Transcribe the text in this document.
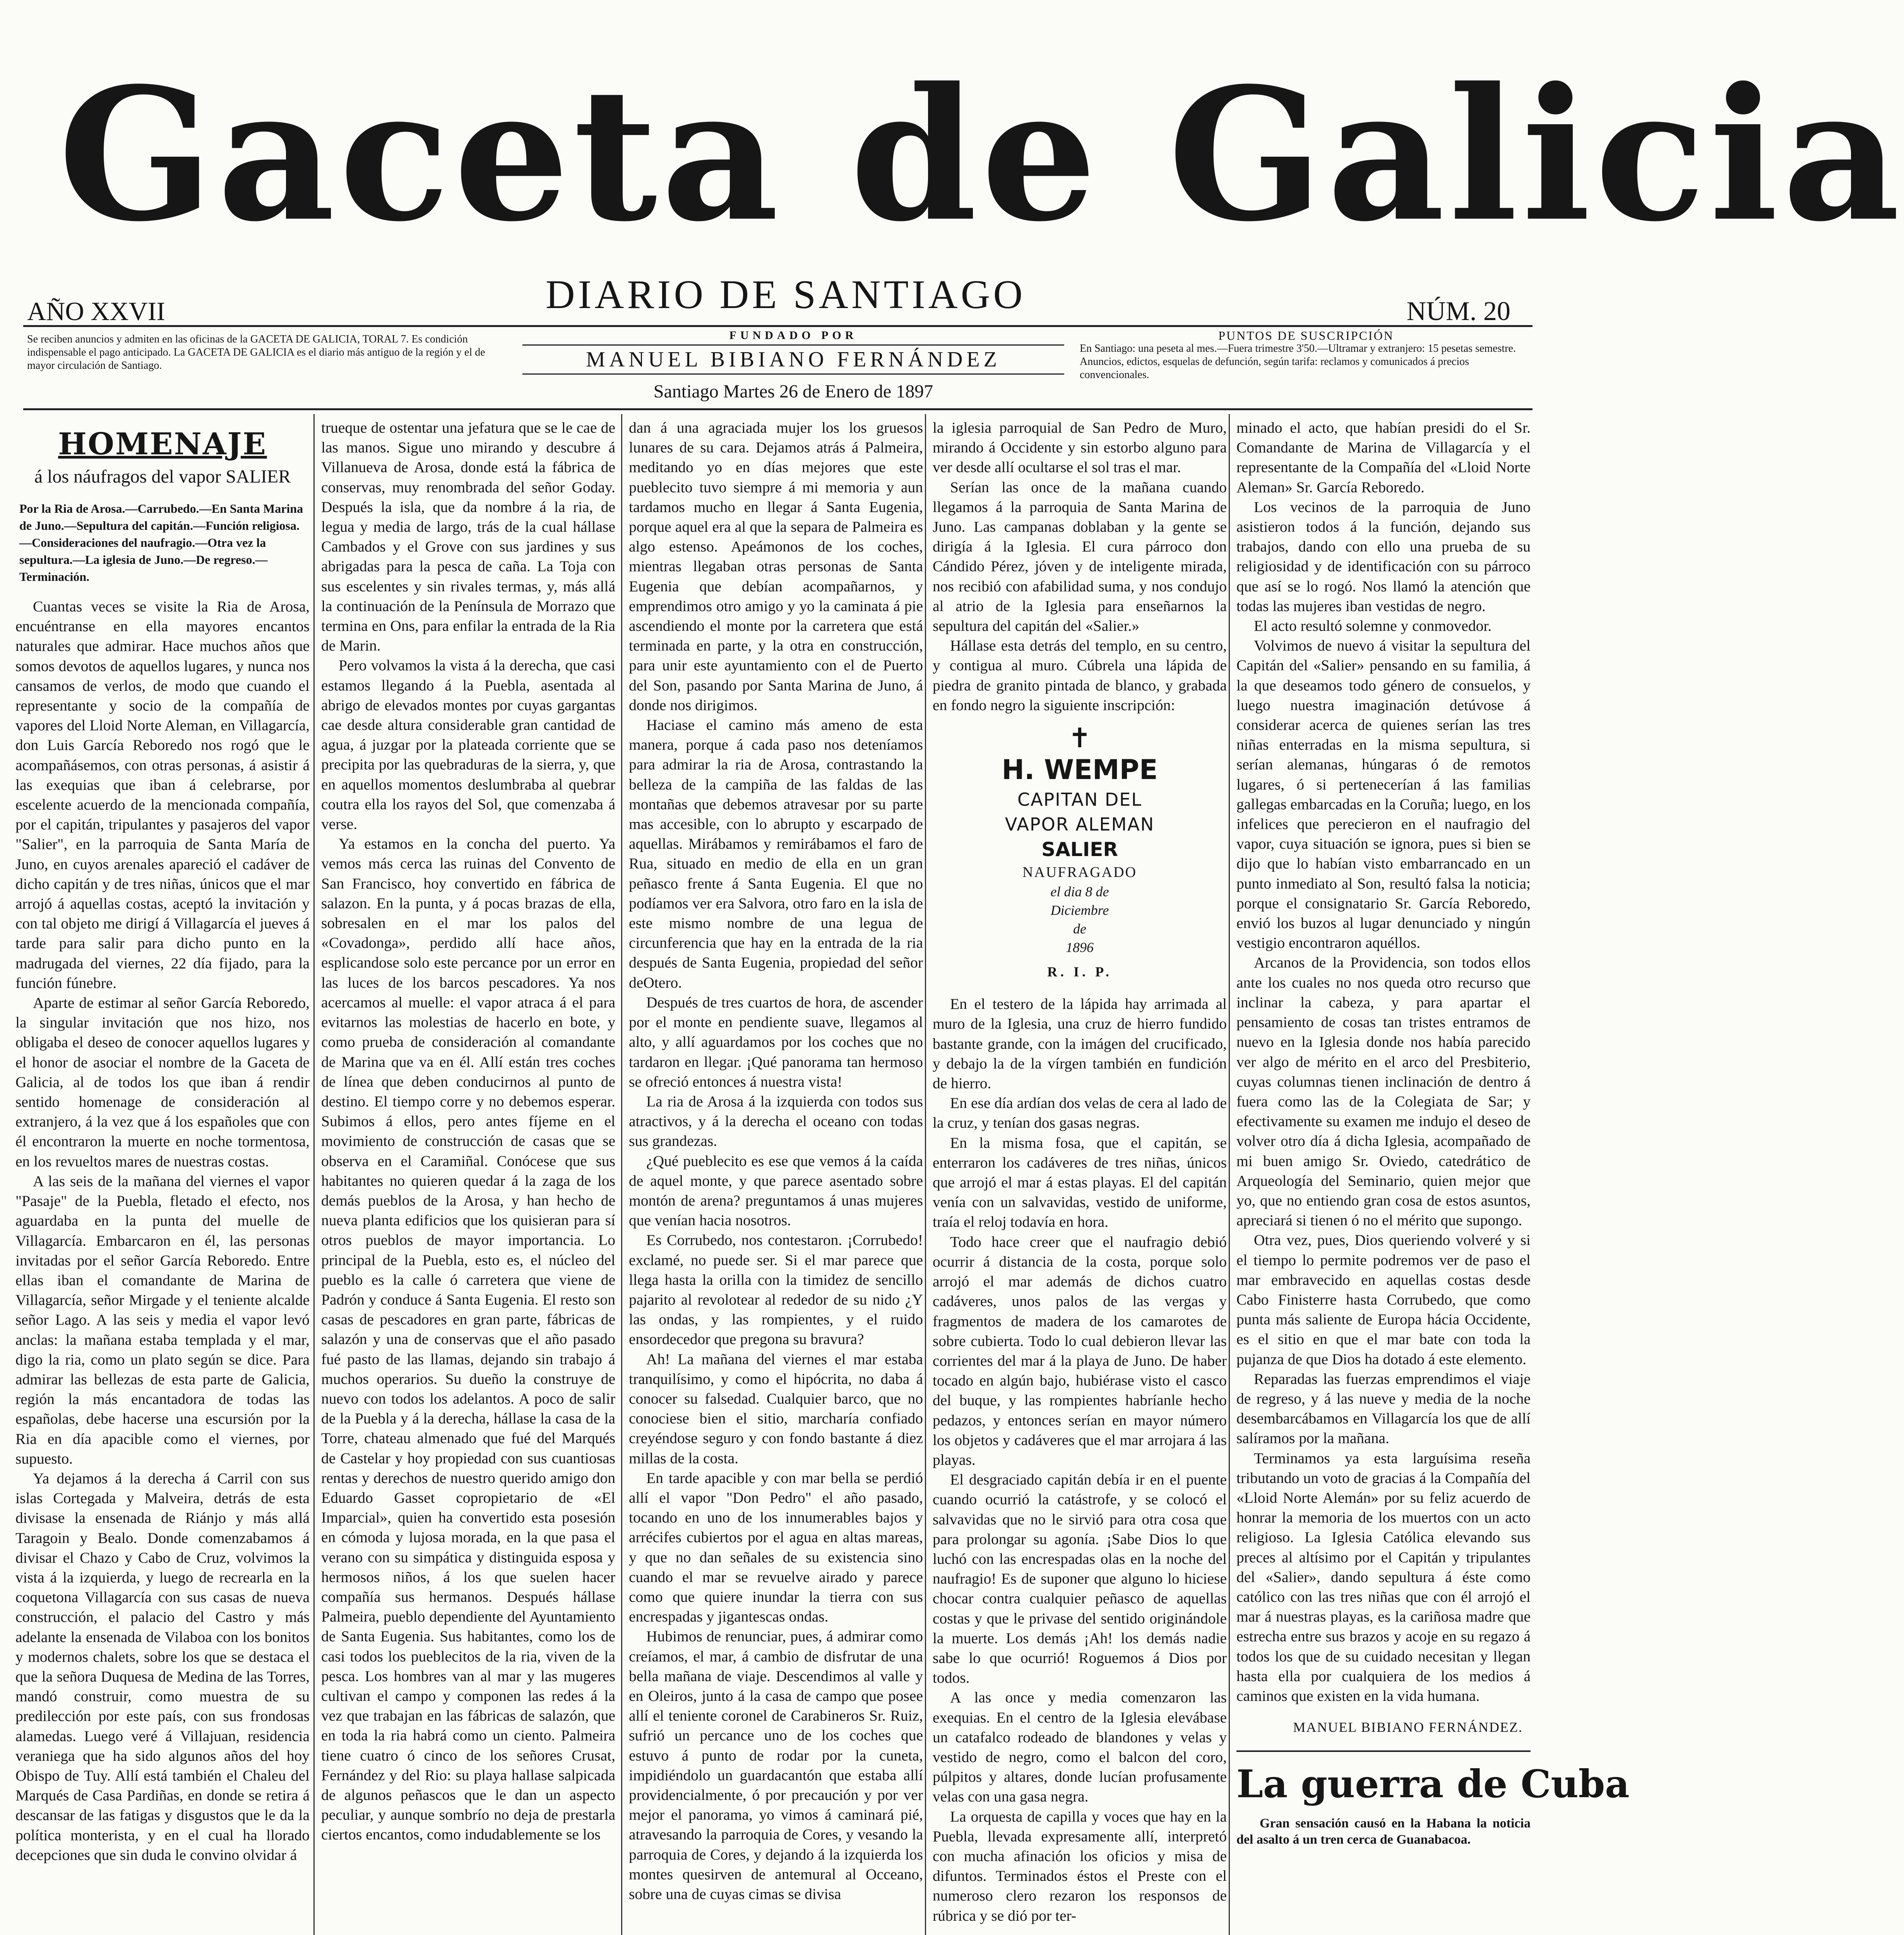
Gaceta de Galicia
AÑO XXVII	DIARIO DE SANTIAGO	NÚM. 20
Se reciben anuncios y admiten en las oficinas de la GACETA DE GALICIA, TORAL 7. Es condición indispensable el pago anticipado. La GACETA DE GALICIA es el diario más antiguo de la región y el de mayor circulación de Santiago.
FUNDADO POR
MANUEL BIBIANO FERNÁNDEZ
Santiago Martes 26 de Enero de 1897
PUNTOS DE SUSCRIPCIÓN
En Santiago: una peseta al mes.—Fuera trimestre 3'50.—Ultramar y extranjero: 15 pesetas semestre. Anuncios, edictos, esquelas de defunción, según tarifa: reclamos y comunicados á precios convencionales.
HOMENAJE
á los náufragos del vapor SALIER

Por la Ria de Arosa.—Carrubedo.—En Santa Marina de Juno.—Sepultura del capitán.—Función religiosa.—Consideraciones del naufragio.—Otra vez la sepultura.—La iglesia de Juno.—De regreso.—Terminación.

Cuantas veces se visite la Ria de Arosa, encuéntranse en ella mayores encantos naturales que admirar. Hace muchos años que somos devotos de aquellos lugares, y nunca nos cansamos de verlos, de modo que cuando el representante y socio de la compañía de vapores del Lloid Norte Aleman, en Villagarcía, don Luis García Reboredo nos rogó que le acompañásemos, con otras personas, á asistir á las exequias que iban á celebrarse, por escelente acuerdo de la mencionada compañía, por el capitán, tripulantes y pasajeros del vapor "Salier", en la parroquia de Santa María de Juno, en cuyos arenales apareció el cadáver de dicho capitán y de tres niñas, únicos que el mar arrojó á aquellas costas, aceptó la invitación y con tal objeto me dirigí á Villagarcía el jueves á tarde para salir para dicho punto en la madrugada del viernes, 22 día fijado, para la función fúnebre.

Aparte de estimar al señor García Reboredo, la singular invitación que nos hizo, nos obligaba el deseo de conocer aquellos lugares y el honor de asociar el nombre de la Gaceta de Galicia, al de todos los que iban á rendir sentido homenage de consideración al extranjero, á la vez que á los españoles que con él encontraron la muerte en noche tormentosa, en los revueltos mares de nuestras costas.

A las seis de la mañana del viernes el vapor "Pasaje" de la Puebla, fletado el efecto, nos aguardaba en la punta del muelle de Villagarcía. Embarcaron en él, las personas invitadas por el señor García Reboredo. Entre ellas iban el comandante de Marina de Villagarcía, señor Mirgade y el teniente alcalde señor Lago. A las seis y media el vapor levó anclas: la mañana estaba templada y el mar, digo la ria, como un plato según se dice. Para admirar las bellezas de esta parte de Galicia, región la más encantadora de todas las españolas, debe hacerse una escursión por la Ria en día apacible como el viernes, por supuesto.

Ya dejamos á la derecha á Carril con sus islas Cortegada y Malveira, detrás de esta divisase la ensenada de Riánjo y más allá Taragoin y Bealo. Donde comenzabamos á divisar el Chazo y Cabo de Cruz, volvimos la vista á la izquierda, y luego de recrearla en la coquetona Villagarcía con sus casas de nueva construcción, el palacio del Castro y más adelante la ensenada de Vilaboa con los bonitos y modernos chalets, sobre los que se destaca el que la señora Duquesa de Medina de las Torres, mandó construir, como muestra de su predilección por este país, con sus frondosas alamedas. Luego veré á Villajuan, residencia veraniega que ha sido algunos años del hoy Obispo de Tuy. Allí está también el Chaleu del Marqués de Casa Pardiñas, en donde se retira á descansar de las fatigas y disgustos que le da la política monterista, y en el cual ha llorado decepciones que sin duda le convino olvidar á

trueque de ostentar una jefatura que se le cae de las manos. Sigue uno mirando y descubre á Villanueva de Arosa, donde está la fábrica de conservas, muy renombrada del señor Goday. Después la isla, que da nombre á la ria, de legua y media de largo, trás de la cual hállase Cambados y el Grove con sus jardines y sus abrigadas para la pesca de caña. La Toja con sus escelentes y sin rivales termas, y, más allá la continuación de la Península de Morrazo que termina en Ons, para enfilar la entrada de la Ria de Marin.

Pero volvamos la vista á la derecha, que casi estamos llegando á la Puebla, asentada al abrigo de elevados montes por cuyas gargantas cae desde altura considerable gran cantidad de agua, á juzgar por la plateada corriente que se precipita por las quebraduras de la sierra, y, que en aquellos momentos deslumbraba al quebrar coutra ella los rayos del Sol, que comenzaba á verse.

Ya estamos en la concha del puerto. Ya vemos más cerca las ruinas del Convento de San Francisco, hoy convertido en fábrica de salazon. En la punta, y á pocas brazas de ella, sobresalen en el mar los palos del «Covadonga», perdido allí hace años, esplicandose solo este percance por un error en las luces de los barcos pescadores. Ya nos acercamos al muelle: el vapor atraca á el para evitarnos las molestias de hacerlo en bote, y como prueba de consideración al comandante de Marina que va en él. Allí están tres coches de línea que deben conducirnos al punto de destino. El tiempo corre y no debemos esperar. Subimos á ellos, pero antes fíjeme en el movimiento de construcción de casas que se observa en el Caramiñal. Conócese que sus habitantes no quieren quedar á la zaga de los demás pueblos de la Arosa, y han hecho de nueva planta edificios que los quisieran para sí otros pueblos de mayor importancia. Lo principal de la Puebla, esto es, el núcleo del pueblo es la calle ó carretera que viene de Padrón y conduce á Santa Eugenia. El resto son casas de pescadores en gran parte, fábricas de salazón y una de conservas que el año pasado fué pasto de las llamas, dejando sin trabajo á muchos operarios. Su dueño la construye de nuevo con todos los adelantos. A poco de salir de la Puebla y á la derecha, hállase la casa de la Torre, chateau almenado que fué del Marqués de Castelar y hoy propiedad con sus cuantiosas rentas y derechos de nuestro querido amigo don Eduardo Gasset copropietario de «El Imparcial», quien ha convertido esta posesión en cómoda y lujosa morada, en la que pasa el verano con su simpática y distinguida esposa y hermosos niños, á los que suelen hacer compañía sus hermanos. Después hállase Palmeira, pueblo dependiente del Ayuntamiento de Santa Eugenia. Sus habitantes, como los de casi todos los pueblecitos de la ria, viven de la pesca. Los hombres van al mar y las mugeres cultivan el campo y componen las redes á la vez que trabajan en las fábricas de salazón, que en toda la ria habrá como un ciento. Palmeira tiene cuatro ó cinco de los señores Crusat, Fernández y del Rio: su playa hallase salpicada de algunos peñascos que le dan un aspecto peculiar, y aunque sombrío no deja de prestarla ciertos encantos, como indudablemente se los

dan á una agraciada mujer los los gruesos lunares de su cara. Dejamos atrás á Palmeira, meditando yo en días mejores que este pueblecito tuvo siempre á mi memoria y aun tardamos mucho en llegar á Santa Eugenia, porque aquel era al que la separa de Palmeira es algo estenso. Apeámonos de los coches, mientras llegaban otras personas de Santa Eugenia que debían acompañarnos, y emprendimos otro amigo y yo la caminata á pie ascendiendo el monte por la carretera que está terminada en parte, y la otra en construcción, para unir este ayuntamiento con el de Puerto del Son, pasando por Santa Marina de Juno, á donde nos dirigimos.

Haciase el camino más ameno de esta manera, porque á cada paso nos deteníamos para admirar la ria de Arosa, contrastando la belleza de la campiña de las faldas de las montañas que debemos atravesar por su parte mas accesible, con lo abrupto y escarpado de aquellas. Mirábamos y remirábamos el faro de Rua, situado en medio de ella en un gran peñasco frente á Santa Eugenia. El que no podíamos ver era Salvora, otro faro en la isla de este mismo nombre de una legua de circunferencia que hay en la entrada de la ria después de Santa Eugenia, propiedad del señor deOtero.

Después de tres cuartos de hora, de ascender por el monte en pendiente suave, llegamos al alto, y allí aguardamos por los coches que no tardaron en llegar. ¡Qué panorama tan hermoso se ofreció entonces á nuestra vista!

La ria de Arosa á la izquierda con todos sus atractivos, y á la derecha el oceano con todas sus grandezas.

¿Qué pueblecito es ese que vemos á la caída de aquel monte, y que parece asentado sobre montón de arena? preguntamos á unas mujeres que venían hacia nosotros.

Es Corrubedo, nos contestaron. ¡Corrubedo! exclamé, no puede ser. Si el mar parece que llega hasta la orilla con la timidez de sencillo pajarito al revolotear al rededor de su nido ¿Y las ondas, y las rompientes, y el ruido ensordecedor que pregona su bravura?

Ah! La mañana del viernes el mar estaba tranquilísimo, y como el hipócrita, no daba á conocer su falsedad. Cualquier barco, que no conociese bien el sitio, marcharía confiado creyéndose seguro y con fondo bastante á diez millas de la costa.

En tarde apacible y con mar bella se perdió allí el vapor "Don Pedro" el año pasado, tocando en uno de los innumerables bajos y arrécifes cubiertos por el agua en altas mareas, y que no dan señales de su existencia sino cuando el mar se revuelve airado y parece como que quiere inundar la tierra con sus encrespadas y jigantescas ondas.

Hubimos de renunciar, pues, á admirar como creíamos, el mar, á cambio de disfrutar de una bella mañana de viaje. Descendimos al valle y en Oleiros, junto á la casa de campo que posee allí el teniente coronel de Carabineros Sr. Ruiz, sufrió un percance uno de los coches que estuvo á punto de rodar por la cuneta, impidiéndolo un guardacantón que estaba allí providencialmente, ó por precaución y por ver mejor el panorama, yo vimos á caminará pié, atravesando la parroquia de Cores, y vesando la parroquia de Cores, y dejando á la izquierda los montes quesirven de antemural al Occeano, sobre una de cuyas cimas se divisa

la iglesia parroquial de San Pedro de Muro, mirando á Occidente y sin estorbo alguno para ver desde allí ocultarse el sol tras el mar.

Serían las once de la mañana cuando llegamos á la parroquia de Santa Marina de Juno. Las campanas doblaban y la gente se dirigía á la Iglesia. El cura párroco don Cándido Pérez, jóven y de inteligente mirada, nos recibió con afabilidad suma, y nos condujo al atrio de la Iglesia para enseñarnos la sepultura del capitán del «Salier.»

Hállase esta detrás del templo, en su centro, y contigua al muro. Cúbrela una lápida de piedra de granito pintada de blanco, y grabada en fondo negro la siguiente inscripción:

✝
H. WEMPE
CAPITAN DEL
VAPOR ALEMAN
SALIER
NAUFRAGADO
el dia 8 de
Diciembre
de
1896
R. I. P.

En el testero de la lápida hay arrimada al muro de la Iglesia, una cruz de hierro fundido bastante grande, con la imágen del crucificado, y debajo la de la vírgen también en fundición de hierro.

En ese día ardían dos velas de cera al lado de la cruz, y tenían dos gasas negras.

En la misma fosa, que el capitán, se enterraron los cadáveres de tres niñas, únicos que arrojó el mar á estas playas. El del capitán venía con un salvavidas, vestido de uniforme, traía el reloj todavía en hora.

Todo hace creer que el naufragio debió ocurrir á distancia de la costa, porque solo arrojó el mar además de dichos cuatro cadáveres, unos palos de las vergas y fragmentos de madera de los camarotes de sobre cubierta. Todo lo cual debieron llevar las corrientes del mar á la playa de Juno. De haber tocado en algún bajo, hubiérase visto el casco del buque, y las rompientes habríanle hecho pedazos, y entonces serían en mayor número los objetos y cadáveres que el mar arrojara á las playas.

El desgraciado capitán debía ir en el puente cuando ocurrió la catástrofe, y se colocó el salvavidas que no le sirvió para otra cosa que para prolongar su agonía. ¡Sabe Dios lo que luchó con las encrespadas olas en la noche del naufragio! Es de suponer que alguno lo hiciese chocar contra cualquier peñasco de aquellas costas y que le privase del sentido originándole la muerte. Los demás ¡Ah! los demás nadie sabe lo que ocurrió! Roguemos á Dios por todos.

A las once y media comenzaron las exequias. En el centro de la Iglesia elevábase un catafalco rodeado de blandones y velas y vestido de negro, como el balcon del coro, púlpitos y altares, donde lucían profusamente velas con una gasa negra.

La orquesta de capilla y voces que hay en la Puebla, llevada expresamente allí, interpretó con mucha afinación los oficios y misa de difuntos. Terminados éstos el Preste con el numeroso clero rezaron los responsos de rúbrica y se dió por ter-

minado el acto, que habían presidi do el Sr. Comandante de Marina de Villagarcía y el representante de la Compañía del «Lloid Norte Aleman» Sr. García Reboredo.

Los vecinos de la parroquia de Juno asistieron todos á la función, dejando sus trabajos, dando con ello una prueba de su religiosidad y de identificación con su párroco que así se lo rogó. Nos llamó la atención que todas las mujeres iban vestidas de negro.

El acto resultó solemne y conmovedor.

Volvimos de nuevo á visitar la sepultura del Capitán del «Salier» pensando en su familia, á la que deseamos todo género de consuelos, y luego nuestra imaginación detúvose á considerar acerca de quienes serían las tres niñas enterradas en la misma sepultura, si serían alemanas, húngaras ó de remotos lugares, ó si pertenecerían á las familias gallegas embarcadas en la Coruña; luego, en los infelices que perecieron en el naufragio del vapor, cuya situación se ignora, pues si bien se dijo que lo habían visto embarrancado en un punto inmediato al Son, resultó falsa la noticia; porque el consignatario Sr. García Reboredo, envió los buzos al lugar denunciado y ningún vestigio encontraron aquéllos.

Arcanos de la Providencia, son todos ellos ante los cuales no nos queda otro recurso que inclinar la cabeza, y para apartar el pensamiento de cosas tan tristes entramos de nuevo en la Iglesia donde nos había parecido ver algo de mérito en el arco del Presbiterio, cuyas columnas tienen inclinación de dentro á fuera como las de la Colegiata de Sar; y efectivamente su examen me indujo el deseo de volver otro día á dicha Iglesia, acompañado de mi buen amigo Sr. Oviedo, catedrático de Arqueología del Seminario, quien mejor que yo, que no entiendo gran cosa de estos asuntos, apreciará si tienen ó no el mérito que supongo.

Otra vez, pues, Dios queriendo volveré y si el tiempo lo permite podremos ver de paso el mar embravecido en aquellas costas desde Cabo Finisterre hasta Corrubedo, que como punta más saliente de Europa hácia Occidente, es el sitio en que el mar bate con toda la pujanza de que Dios ha dotado á este elemento.

Reparadas las fuerzas emprendimos el viaje de regreso, y á las nueve y media de la noche desembarcábamos en Villagarcía los que de allí salíramos por la mañana.

Terminamos ya esta larguísima reseña tributando un voto de gracias á la Compañía del «Lloid Norte Alemán» por su feliz acuerdo de honrar la memoria de los muertos con un acto religioso. La Iglesia Católica elevando sus preces al altísimo por el Capitán y tripulantes del «Salier», dando sepultura á éste como católico con las tres niñas que con él arrojó el mar á nuestras playas, es la cariñosa madre que estrecha entre sus brazos y acoje en su regazo á todos los que de su cuidado necesitan y llegan hasta ella por cualquiera de los medios á caminos que existen en la vida humana.

MANUEL BIBIANO FERNÁNDEZ.
La guerra de Cuba

Gran sensación causó en la Habana la noticia del asalto á un tren cerca de Guanabacoa.
